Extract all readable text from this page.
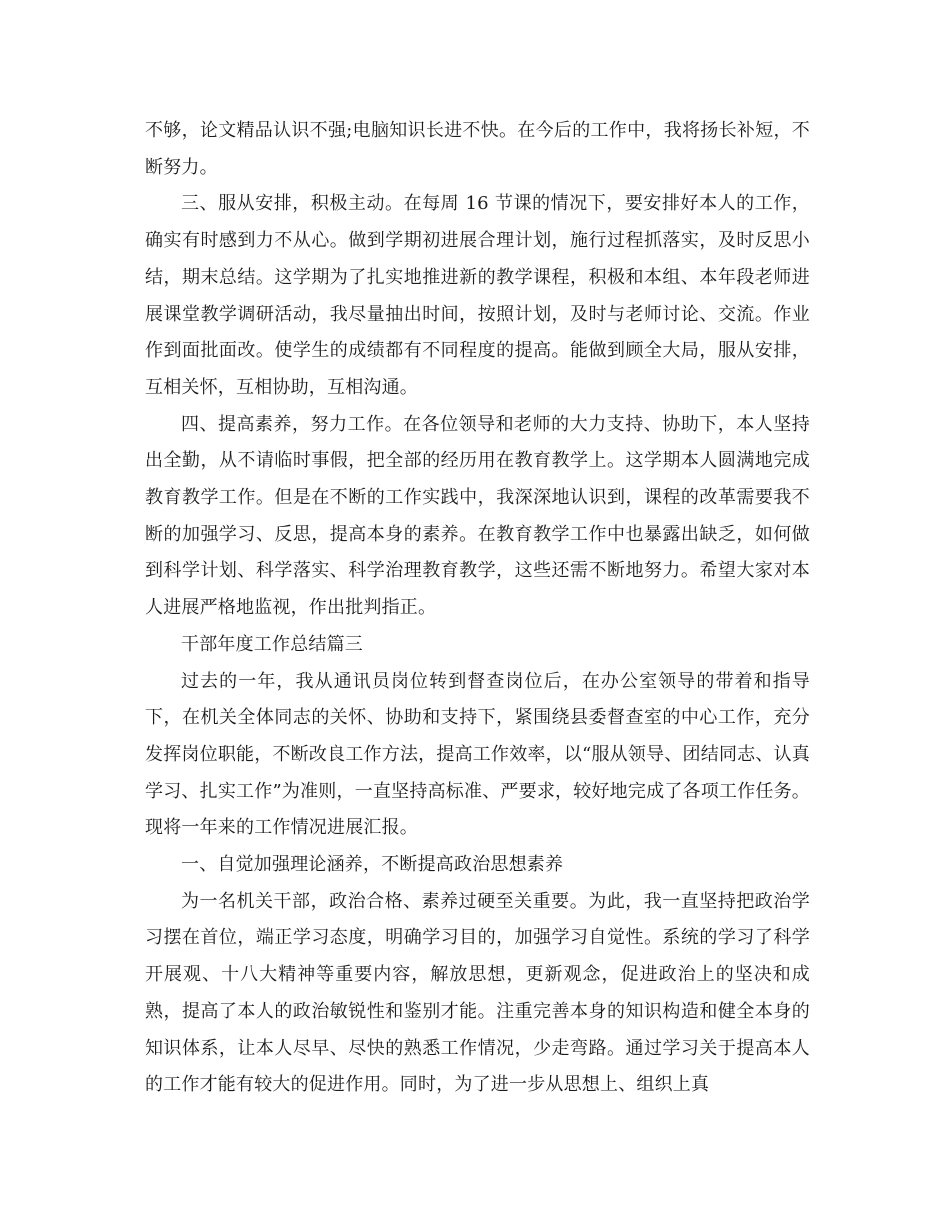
不够，论文精品认识不强;电脑知识长进不快。在今后的工作中，我将扬长补短，不断努力。

三、服从安排，积极主动。在每周 16 节课的情况下，要安排好本人的工作，确实有时感到力不从心。做到学期初进展合理计划，施行过程抓落实，及时反思小结，期末总结。这学期为了扎实地推进新的教学课程，积极和本组、本年段老师进展课堂教学调研活动，我尽量抽出时间，按照计划，及时与老师讨论、交流。作业作到面批面改。使学生的成绩都有不同程度的提高。能做到顾全大局，服从安排，互相关怀，互相协助，互相沟通。

四、提高素养，努力工作。在各位领导和老师的大力支持、协助下，本人坚持出全勤，从不请临时事假，把全部的经历用在教育教学上。这学期本人圆满地完成教育教学工作。但是在不断的工作实践中，我深深地认识到，课程的改革需要我不断的加强学习、反思，提高本身的素养。在教育教学工作中也暴露出缺乏，如何做到科学计划、科学落实、科学治理教育教学，这些还需不断地努力。希望大家对本人进展严格地监视，作出批判指正。

干部年度工作总结篇三

过去的一年，我从通讯员岗位转到督查岗位后，在办公室领导的带着和指导下，在机关全体同志的关怀、协助和支持下，紧围绕县委督查室的中心工作，充分发挥岗位职能，不断改良工作方法，提高工作效率，以“服从领导、团结同志、认真学习、扎实工作”为准则，一直坚持高标准、严要求，较好地完成了各项工作任务。现将一年来的工作情况进展汇报。

一、自觉加强理论涵养，不断提高政治思想素养

为一名机关干部，政治合格、素养过硬至关重要。为此，我一直坚持把政治学习摆在首位，端正学习态度，明确学习目的，加强学习自觉性。系统的学习了科学开展观、十八大精神等重要内容，解放思想，更新观念，促进政治上的坚决和成熟，提高了本人的政治敏锐性和鉴别才能。注重完善本身的知识构造和健全本身的知识体系，让本人尽早、尽快的熟悉工作情况，少走弯路。通过学习关于提高本人的工作才能有较大的促进作用。同时，为了进一步从思想上、组织上真
